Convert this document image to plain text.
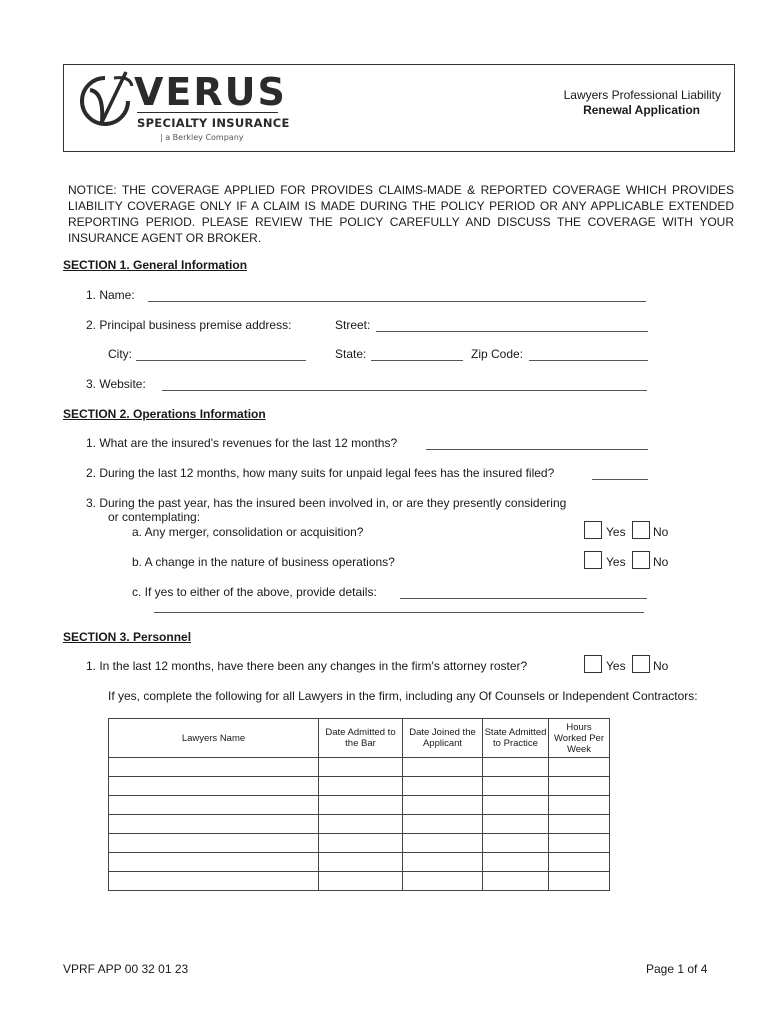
VERUS
SPECIALTY INSURANCE
| a Berkley Company
Lawyers Professional Liability
Renewal Application
NOTICE: THE COVERAGE APPLIED FOR PROVIDES CLAIMS-MADE & REPORTED COVERAGE WHICH PROVIDES LIABILITY COVERAGE ONLY IF A CLAIM IS MADE DURING THE POLICY PERIOD OR ANY APPLICABLE EXTENDED REPORTING PERIOD. PLEASE REVIEW THE POLICY CAREFULLY AND DISCUSS THE COVERAGE WITH YOUR INSURANCE AGENT OR BROKER.
SECTION 1. General Information
1. Name:
2. Principal business premise address:	Street:
City:	State:	Zip Code:
3. Website:
SECTION 2. Operations Information
1. What are the insured's revenues for the last 12 months?
2. During the last 12 months, how many suits for unpaid legal fees has the insured filed?
3. During the past year, has the insured been involved in, or are they presently considering
or contemplating:
a. Any merger, consolidation or acquisition?	Yes No
b. A change in the nature of business operations?	Yes No
c. If yes to either of the above, provide details:
SECTION 3. Personnel
1. In the last 12 months, have there been any changes in the firm's attorney roster?	Yes No
If yes, complete the following for all Lawyers in the firm, including any Of Counsels or Independent Contractors:
Lawyers Name	Date Admitted to the Bar	Date Joined the Applicant	State Admitted to Practice	Hours Worked Per Week

VPRF APP 00 32 01 23	Page 1 of 4
